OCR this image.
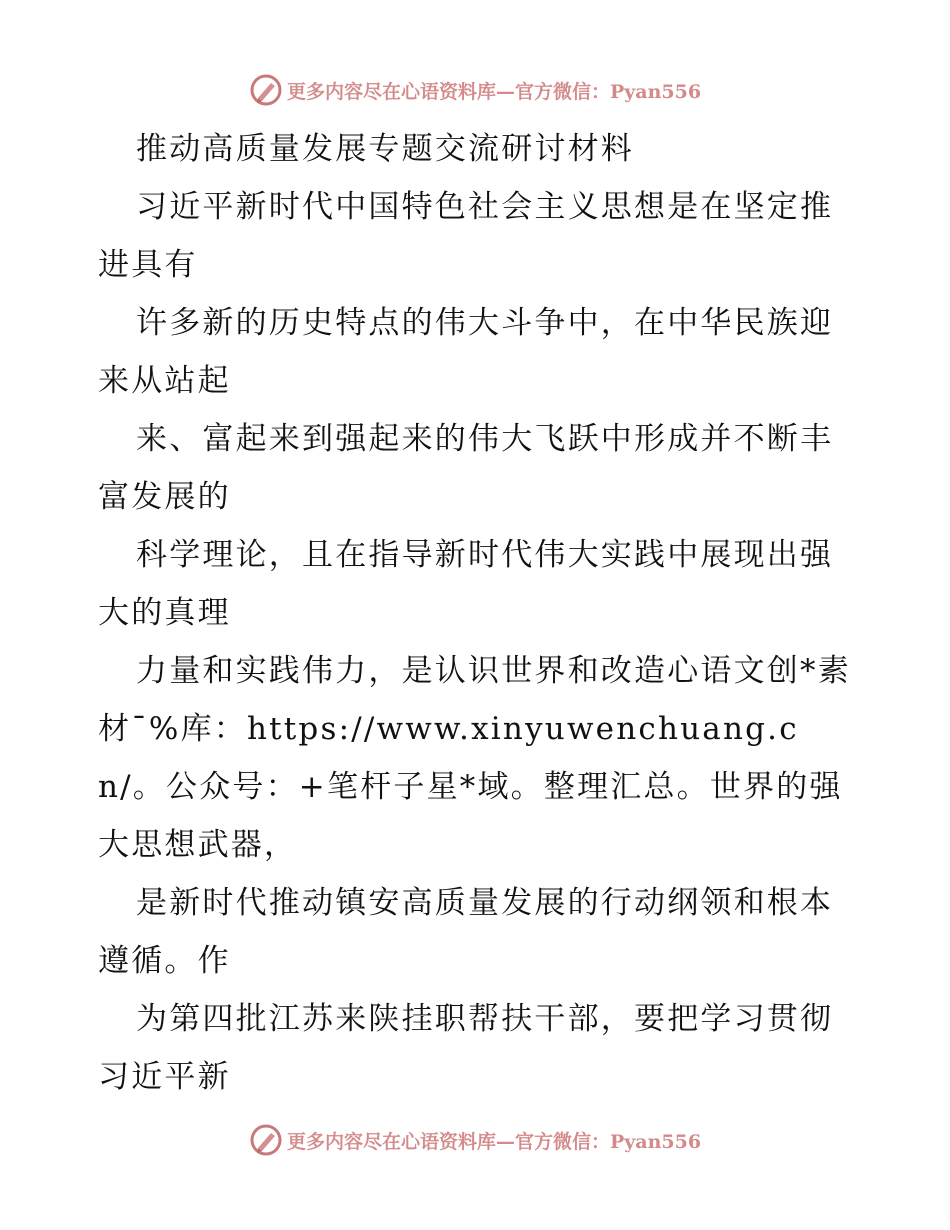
更多内容尽在心语资料库—官方微信：Pyan556

推动高质量发展专题交流研讨材料

习近平新时代中国特色社会主义思想是在坚定推进具有

许多新的历史特点的伟大斗争中，在中华民族迎来从站起

来、富起来到强起来的伟大飞跃中形成并不断丰富发展的

科学理论，且在指导新时代伟大实践中展现出强大的真理

力量和实践伟力，是认识世界和改造心语文创*素材¯%库：https://www.xinyuwenchuang.cn/。公众号：+笔杆子星*域。整理汇总。世界的强大思想武器，

是新时代推动镇安高质量发展的行动纲领和根本遵循。作

为第四批江苏来陕挂职帮扶干部，要把学习贯彻习近平新

更多内容尽在心语资料库—官方微信：Pyan556
